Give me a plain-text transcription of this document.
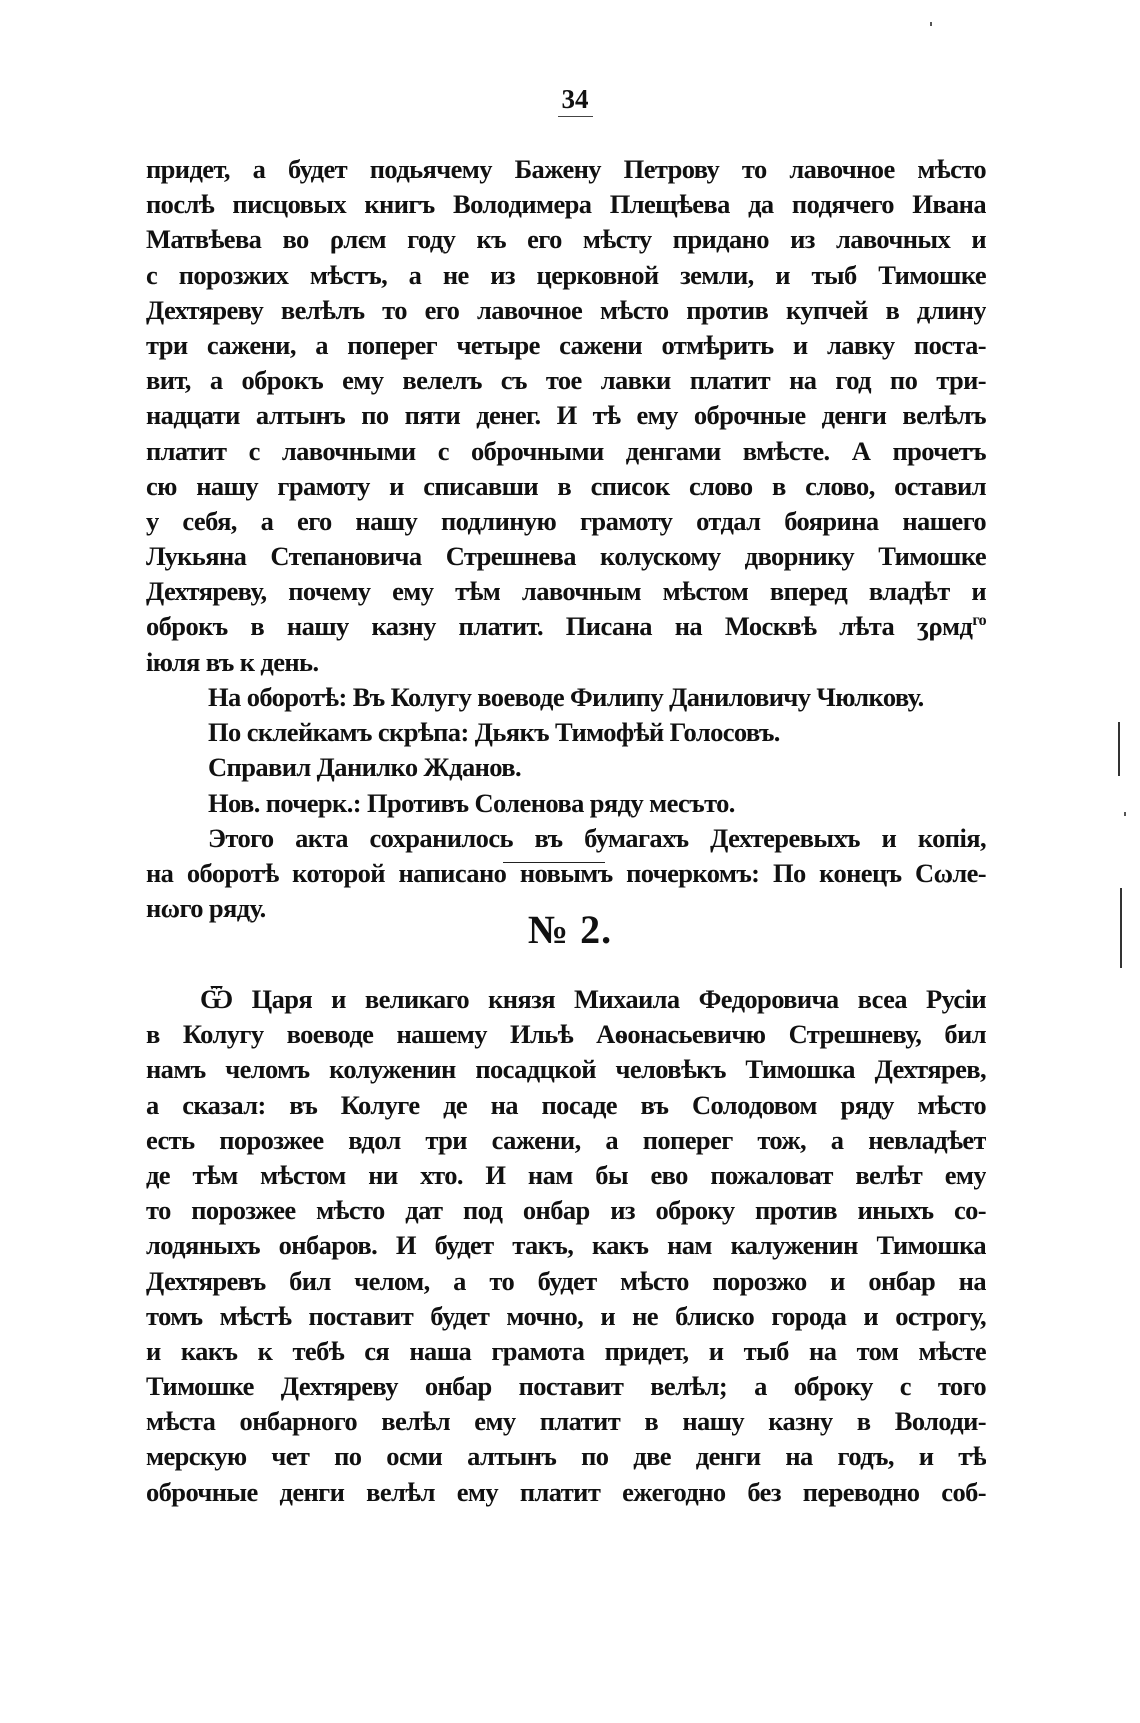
34
придет, а будет подьячему Бажену Петрову то лавочное мѣсто
послѣ писцовых книгъ Володимера Плещѣева да подячего Ивана
Матвѣева во ρлєм году къ его мѣсту придано из лавочных и
с порозжих мѣстъ, а не из церковной земли, и тыб Тимошке
Дехтяреву велѣлъ то его лавочное мѣсто против купчей в длину
три сажени, а поперег четыре сажени отмѣрить и лавку поста-
вит, а оброкъ ему велелъ съ тое лавки платит на год по три-
надцати алтынъ по пяти денег. И тѣ ему оброчные денги велѣлъ
платит с лавочными с оброчными денгами вмѣсте. А прочетъ
сю нашу грамоту и списавши в список слово в слово, оставил
у себя, а его нашу подлиную грамоту отдал боярина нашего
Лукьяна Степановича Стрешнева колускому дворнику Тимошке
Дехтяреву, почему ему тѣм лавочным мѣстом вперед владѣт и
оброкъ в нашу казну платит. Писана на Москвѣ лѣта ʒρмд$^{го}$
іюля въ к день.
На оборотѣ: Въ Колугу воеводе Филипу Даниловичу Чюлкову.
По склейкамъ скрѣпа: Дьякъ Тимофѣй Голосовъ.
Справил Данилко Жданов.
Нов. почерк.: Противъ Соленова ряду месъто.
Этого акта сохранилось въ бумагахъ Дехтеревыхъ и копія,
на оборотѣ которой написано новымъ почеркомъ: По конецъ Сωле-
нωго ряду.	№ 2.
Ѿ Царя и великаго князя Михаила Федоровича всеа Русіи
в Колугу воеводе нашему Ильѣ Аѳонасьевичю Стрешневу, бил
намъ челомъ колуженин посадцкой человѣкъ Тимошка Дехтярев,
а сказал: въ Колуге де на посаде въ Солодовом ряду мѣсто
есть порозжее вдол три сажени, а поперег тож, а невладѣет
де тѣм мѣстом ни хто. И нам бы ево пожаловат велѣт ему
то порозжее мѣсто дат под онбар из оброку против иныхъ со-
лодяныхъ онбаров. И будет такъ, какъ нам калуженин Тимошка
Дехтяревъ бил челом, а то будет мѣсто порозжо и онбар на
томъ мѣстѣ поставит будет мочно, и не блиско города и острогу,
и какъ к тебѣ ся наша грамота придет, и тыб на том мѣсте
Тимошке Дехтяреву онбар поставит велѣл; а оброку с того
мѣста онбарного велѣл ему платит в нашу казну в Володи-
мерскую чет по осми алтынъ по две денги на годъ, и тѣ
оброчные денги велѣл ему платит ежегодно без переводно соб-
